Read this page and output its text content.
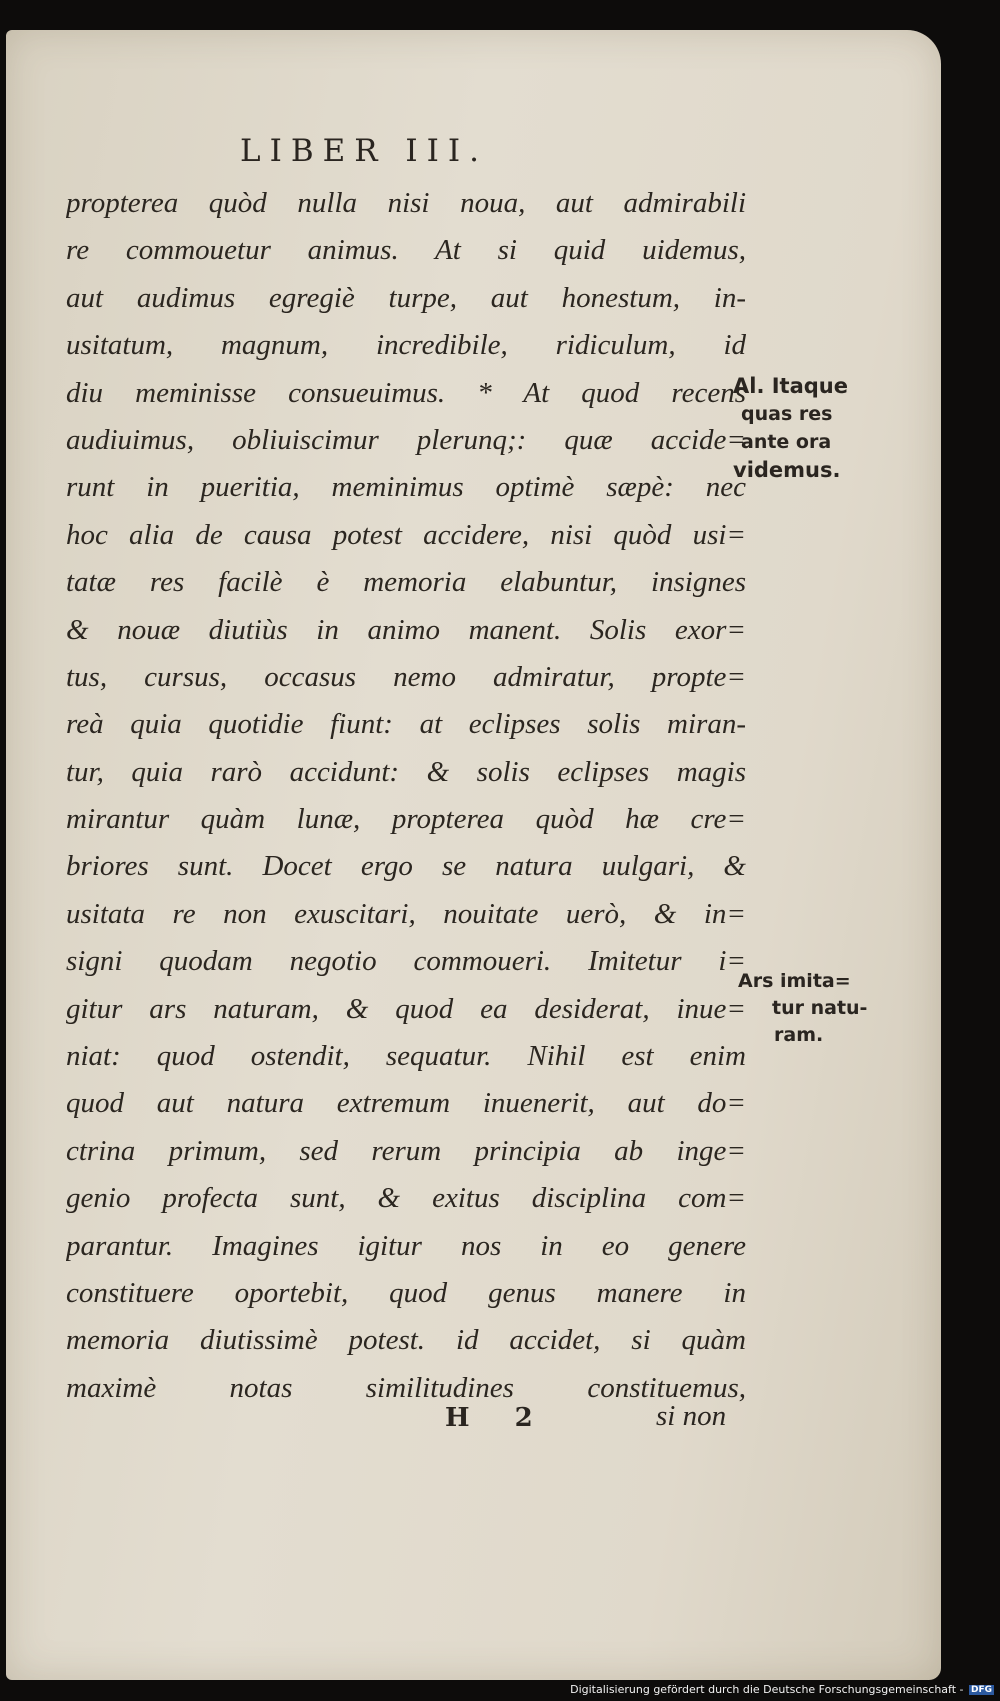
LIBER III.
propterea quòd nulla nisi noua, aut admirabili
re commouetur animus. At si quid uidemus,
aut audimus egregiè turpe, aut honestum, in-
usitatum, magnum, incredibile, ridiculum, id
diu meminisse consueuimus. * At quod recens
audiuimus, obliuiscimur plerunq;: quæ accide=
runt in pueritia, meminimus optimè sæpè: nec
hoc alia de causa potest accidere, nisi quòd usi=
tatæ res facilè è memoria elabuntur, insignes
& nouæ diutiùs in animo manent. Solis exor=
tus, cursus, occasus nemo admiratur, propte=
reà quia quotidie fiunt: at eclipses solis miran-
tur, quia rarò accidunt: & solis eclipses magis
mirantur quàm lunæ, propterea quòd hæ cre=
briores sunt. Docet ergo se natura uulgari, &
usitata re non exuscitari, nouitate uerò, & in=
signi quodam negotio commoueri. Imitetur i=
gitur ars naturam, & quod ea desiderat, inue=
niat: quod ostendit, sequatur. Nihil est enim
quod aut natura extremum inuenerit, aut do=
ctrina primum, sed rerum principia ab inge=
genio profecta sunt, & exitus disciplina com=
parantur. Imagines igitur nos in eo genere
constituere oportebit, quod genus manere in
memoria diutissimè potest. id accidet, si quàm
maximè notas similitudines constituemus,
Al. Itaque
quas res
ante ora
videmus.
Ars imita=
tur natu-
ram.
H 2	si non
Digitalisierung gefördert durch die Deutsche Forschungsgemeinschaft - DFG
